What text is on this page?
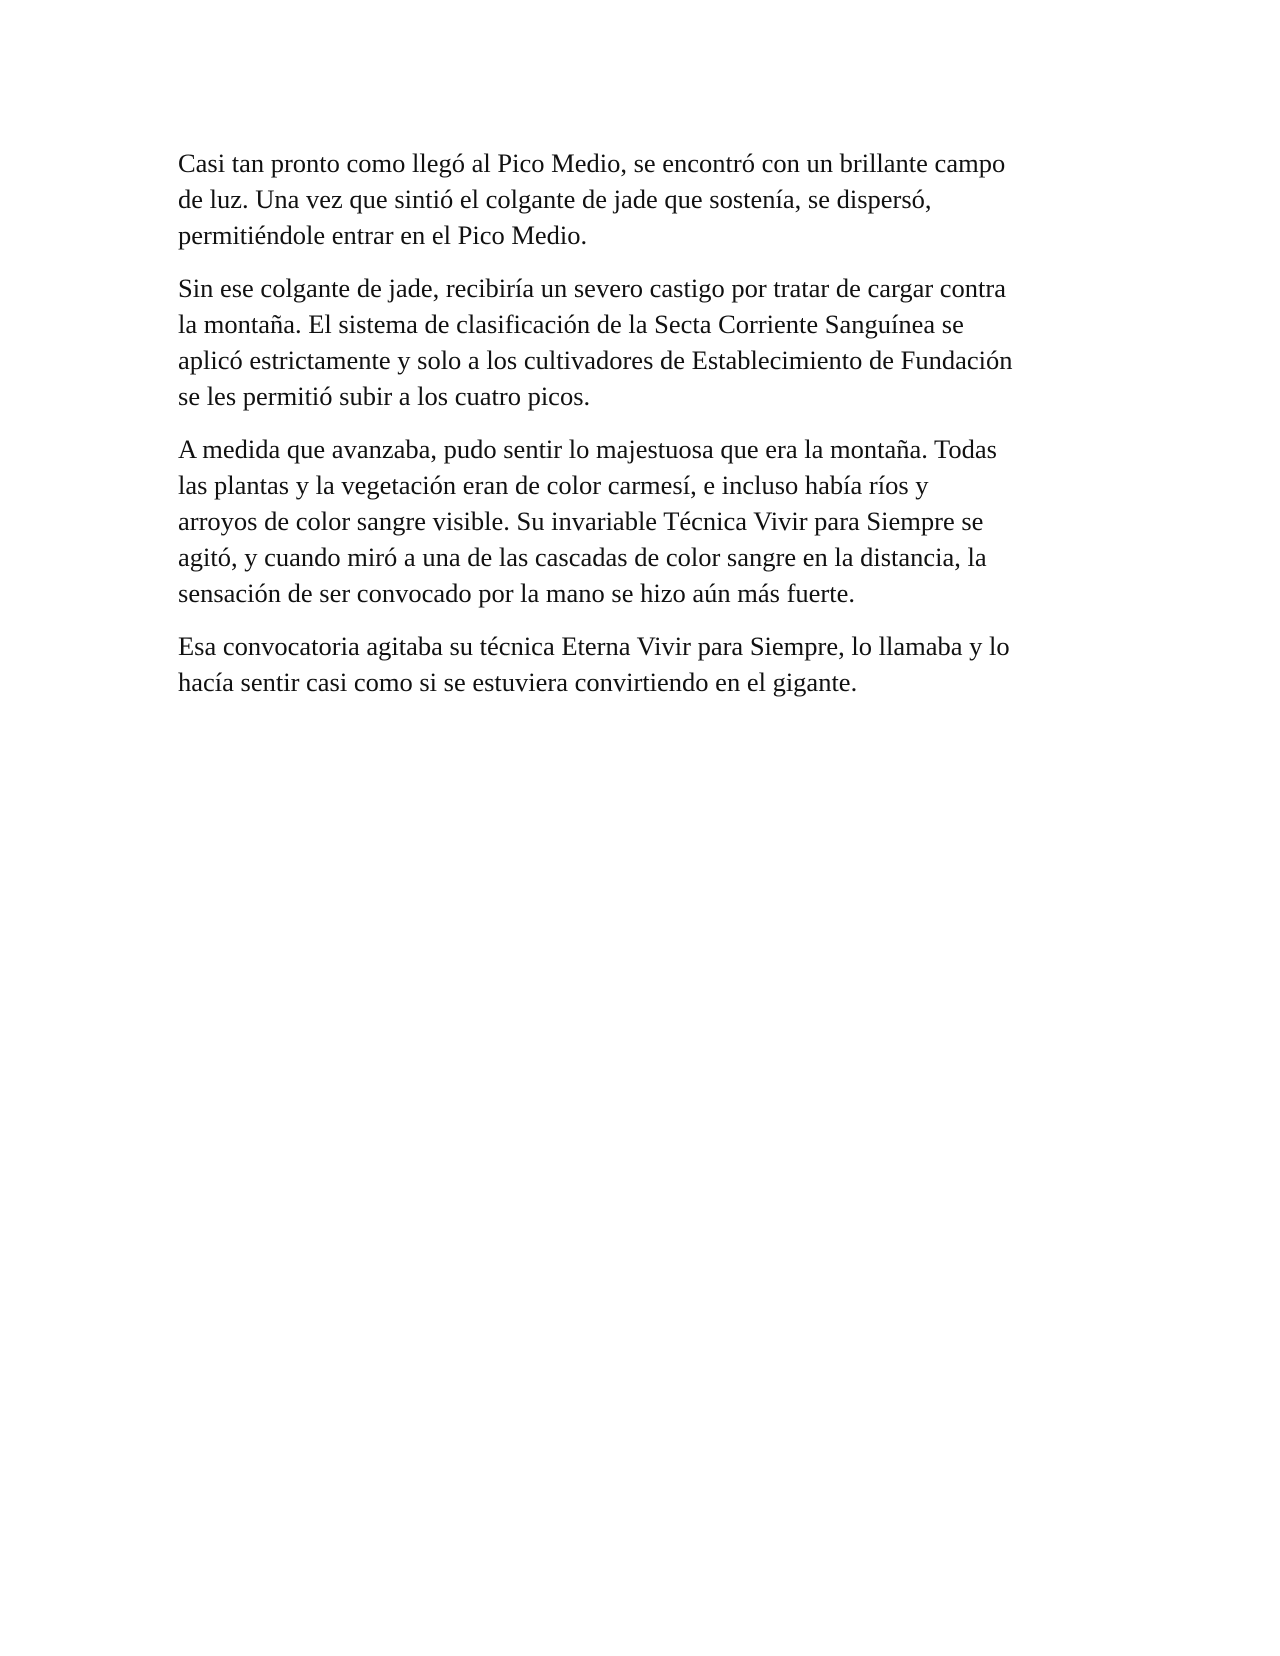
Casi tan pronto como llegó al Pico Medio, se encontró con un brillante campo
de luz. Una vez que sintió el colgante de jade que sostenía, se dispersó,
permitiéndole entrar en el Pico Medio.

Sin ese colgante de jade, recibiría un severo castigo por tratar de cargar contra
la montaña. El sistema de clasificación de la Secta Corriente Sanguínea se
aplicó estrictamente y solo a los cultivadores de Establecimiento de Fundación
se les permitió subir a los cuatro picos.

A medida que avanzaba, pudo sentir lo majestuosa que era la montaña. Todas
las plantas y la vegetación eran de color carmesí, e incluso había ríos y
arroyos de color sangre visible. Su invariable Técnica Vivir para Siempre se
agitó, y cuando miró a una de las cascadas de color sangre en la distancia, la
sensación de ser convocado por la mano se hizo aún más fuerte.

Esa convocatoria agitaba su técnica Eterna Vivir para Siempre, lo llamaba y lo
hacía sentir casi como si se estuviera convirtiendo en el gigante.
